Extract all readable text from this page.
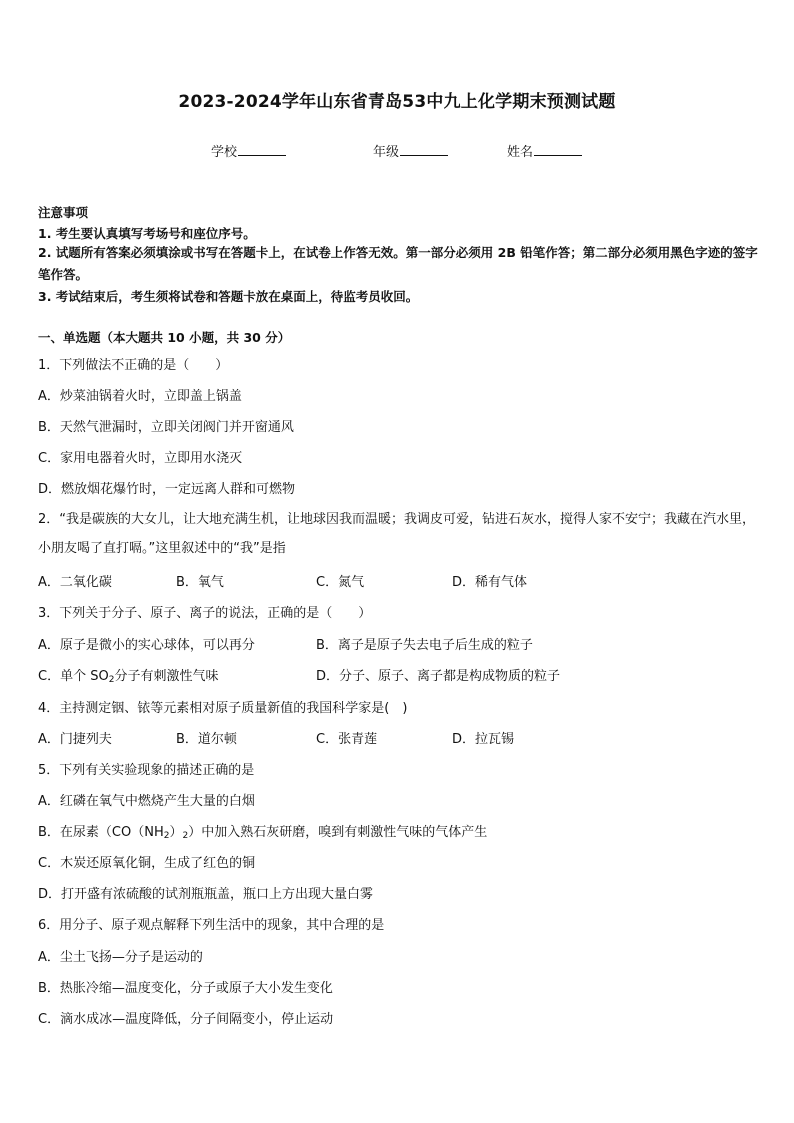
2023-2024学年山东省青岛53中九上化学期末预测试题
学校	年级	姓名
注意事项
1. 考生要认真填写考场号和座位序号。
2. 试题所有答案必须填涂或书写在答题卡上，在试卷上作答无效。第一部分必须用 2B 铅笔作答；第二部分必须用黑色字迹的签字笔作答。
3. 考试结束后，考生须将试卷和答题卡放在桌面上，待监考员收回。
一、单选题（本大题共 10 小题，共 30 分）
1．下列做法不正确的是（　　）
A．炒菜油锅着火时，立即盖上锅盖
B．天然气泄漏时，立即关闭阀门并开窗通风
C．家用电器着火时，立即用水浇灭
D．燃放烟花爆竹时，一定远离人群和可燃物
2．“我是碳族的大女儿，让大地充满生机，让地球因我而温暖；我调皮可爱，钻进石灰水，搅得人家不安宁；我藏在汽水里，小朋友喝了直打嗝。”这里叙述中的“我”是指
A．二氧化碳	B．氧气	C．氮气	D．稀有气体
3．下列关于分子、原子、离子的说法，正确的是（　　）
A．原子是微小的实心球体，可以再分	B．离子是原子失去电子后生成的粒子
C．单个 $SO_2$分子有刺激性气味	D．分子、原子、离子都是构成物质的粒子
4．主持测定铟、铱等元素相对原子质量新值的我国科学家是(　)
A．门捷列夫	B．道尔顿	C．张青莲	D．拉瓦锡
5．下列有关实验现象的描述正确的是
A．红磷在氧气中燃烧产生大量的白烟
B．在尿素$(CO(NH_2)_2)$中加入熟石灰研磨，嗅到有刺激性气味的气体产生
C．木炭还原氧化铜，生成了红色的铜
D．打开盛有浓硫酸的试剂瓶瓶盖，瓶口上方出现大量白雾
6．用分子、原子观点解释下列生活中的现象，其中合理的是
A．尘土飞扬—分子是运动的
B．热胀冷缩—温度变化，分子或原子大小发生变化
C．滴水成冰—温度降低，分子间隔变小，停止运动
